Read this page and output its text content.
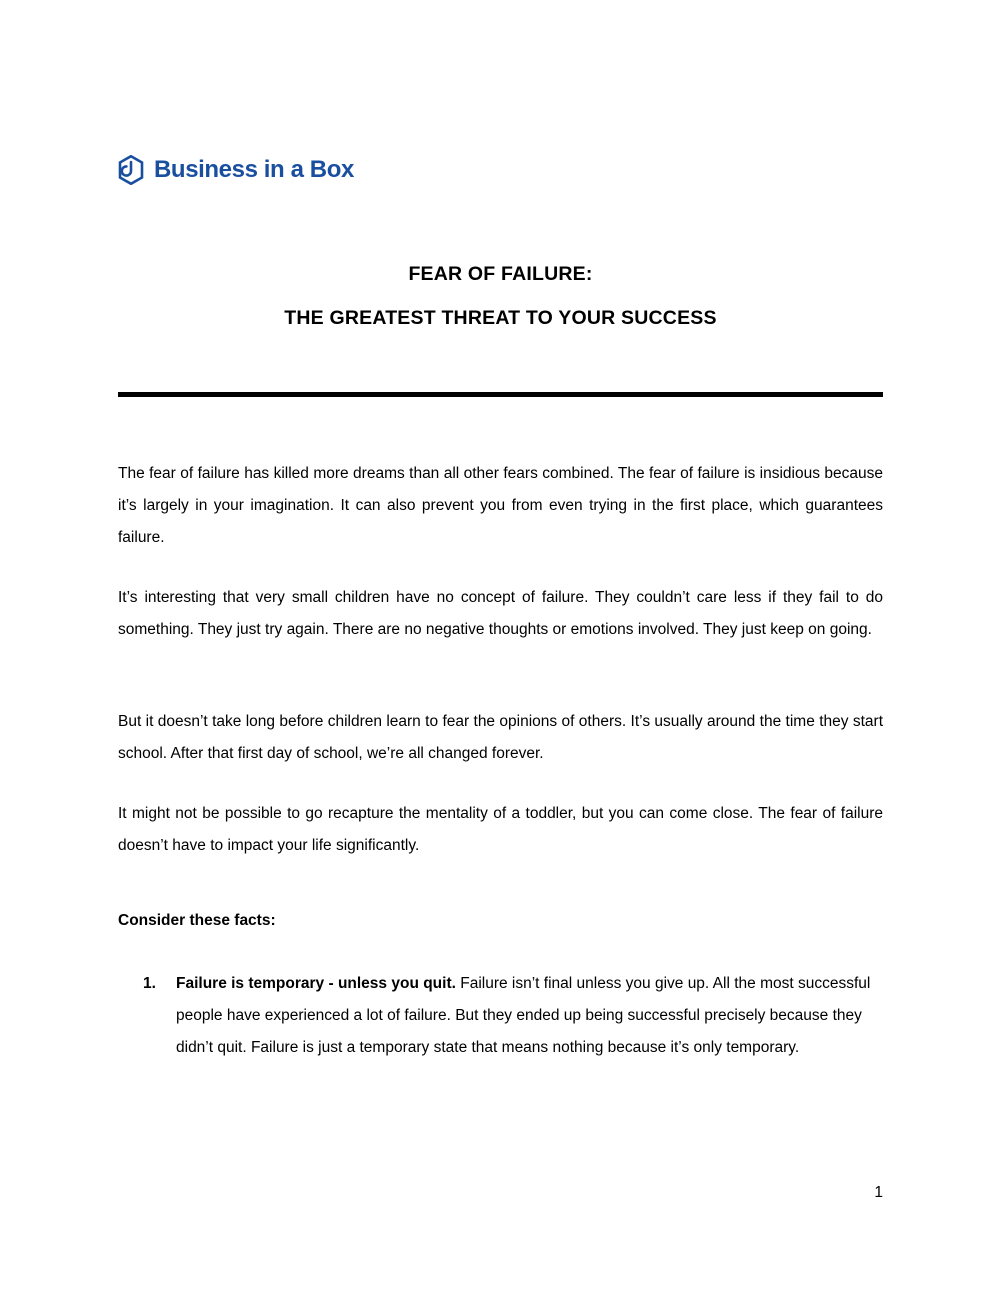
Business in a Box
FEAR OF FAILURE:
THE GREATEST THREAT TO YOUR SUCCESS

The fear of failure has killed more dreams than all other fears combined. The fear of failure is insidious because it’s largely in your imagination. It can also prevent you from even trying in the first place, which guarantees failure.

It’s interesting that very small children have no concept of failure. They couldn’t care less if they fail to do something. They just try again. There are no negative thoughts or emotions involved. They just keep on going.

But it doesn’t take long before children learn to fear the opinions of others. It’s usually around the time they start school. After that first day of school, we’re all changed forever.

It might not be possible to go recapture the mentality of a toddler, but you can come close. The fear of failure doesn’t have to impact your life significantly.

Consider these facts:
1. Failure is temporary - unless you quit. Failure isn’t final unless you give up. All the most successful people have experienced a lot of failure. But they ended up being successful precisely because they didn’t quit. Failure is just a temporary state that means nothing because it’s only temporary.
1
